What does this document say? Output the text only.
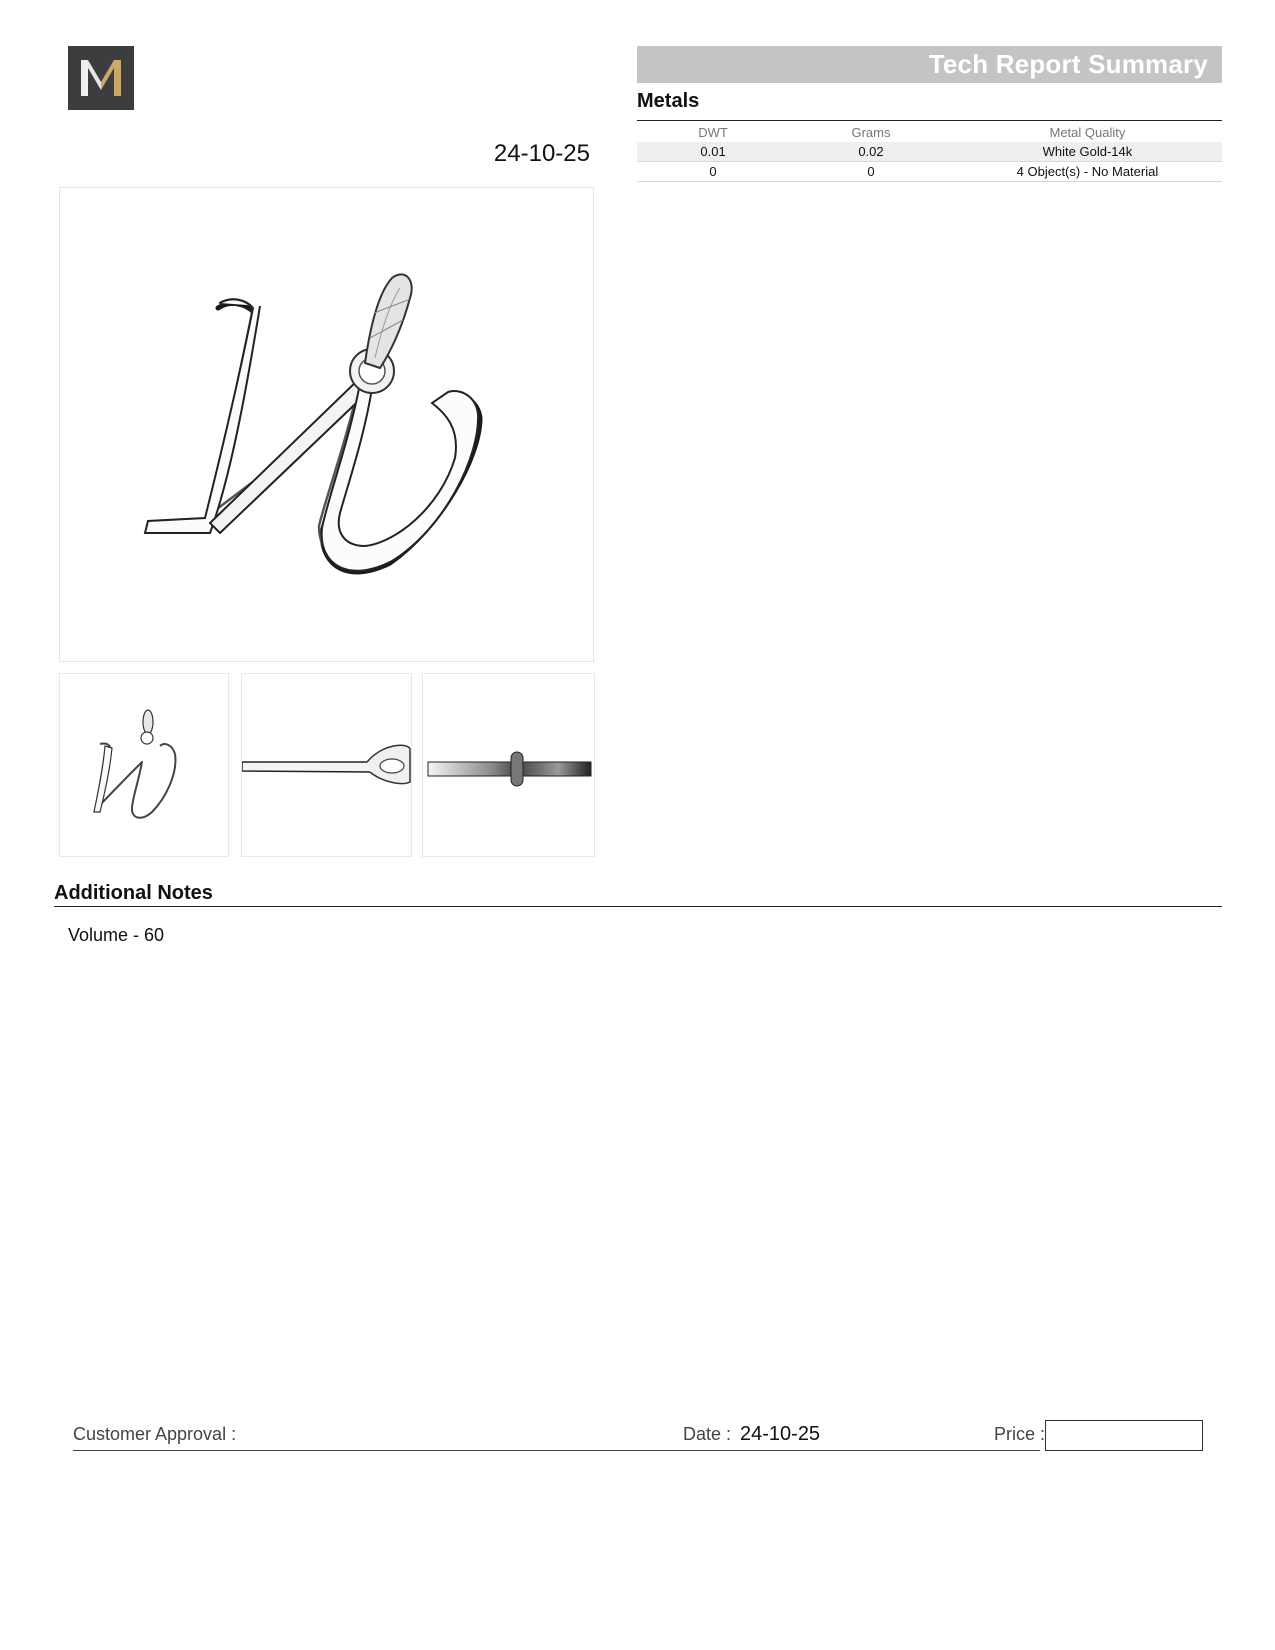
Tech Report Summary
Metals
DWT	Grams	Metal Quality
0.01	0.02	White Gold-14k
0	0	4 Object(s) - No Material
24-10-25
Additional Notes
Volume - 60
Customer Approval :	Date : 24-10-25	Price :
